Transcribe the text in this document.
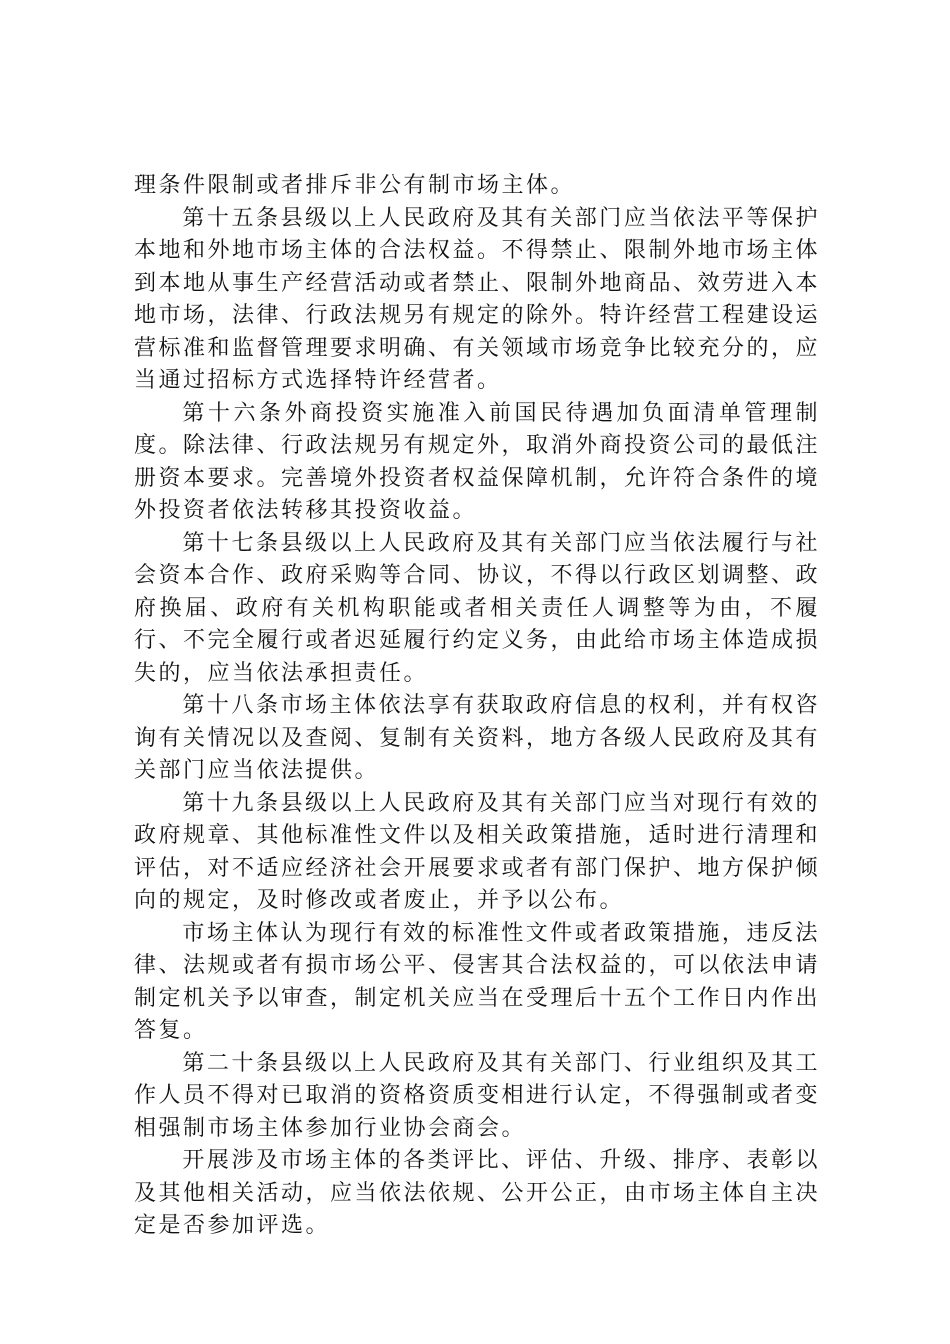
理条件限制或者排斥非公有制市场主体。

第十五条县级以上人民政府及其有关部门应当依法平等保护本地和外地市场主体的合法权益。不得禁止、限制外地市场主体到本地从事生产经营活动或者禁止、限制外地商品、效劳进入本地市场，法律、行政法规另有规定的除外。特许经营工程建设运营标准和监督管理要求明确、有关领域市场竞争比较充分的，应当通过招标方式选择特许经营者。

第十六条外商投资实施准入前国民待遇加负面清单管理制度。除法律、行政法规另有规定外，取消外商投资公司的最低注册资本要求。完善境外投资者权益保障机制，允许符合条件的境外投资者依法转移其投资收益。

第十七条县级以上人民政府及其有关部门应当依法履行与社会资本合作、政府采购等合同、协议，不得以行政区划调整、政府换届、政府有关机构职能或者相关责任人调整等为由，不履行、不完全履行或者迟延履行约定义务，由此给市场主体造成损失的，应当依法承担责任。

第十八条市场主体依法享有获取政府信息的权利，并有权咨询有关情况以及查阅、复制有关资料，地方各级人民政府及其有关部门应当依法提供。

第十九条县级以上人民政府及其有关部门应当对现行有效的政府规章、其他标准性文件以及相关政策措施，适时进行清理和评估，对不适应经济社会开展要求或者有部门保护、地方保护倾向的规定，及时修改或者废止，并予以公布。

市场主体认为现行有效的标准性文件或者政策措施，违反法律、法规或者有损市场公平、侵害其合法权益的，可以依法申请制定机关予以审查，制定机关应当在受理后十五个工作日内作出答复。

第二十条县级以上人民政府及其有关部门、行业组织及其工作人员不得对已取消的资格资质变相进行认定，不得强制或者变相强制市场主体参加行业协会商会。

开展涉及市场主体的各类评比、评估、升级、排序、表彰以及其他相关活动，应当依法依规、公开公正，由市场主体自主决定是否参加评选。
